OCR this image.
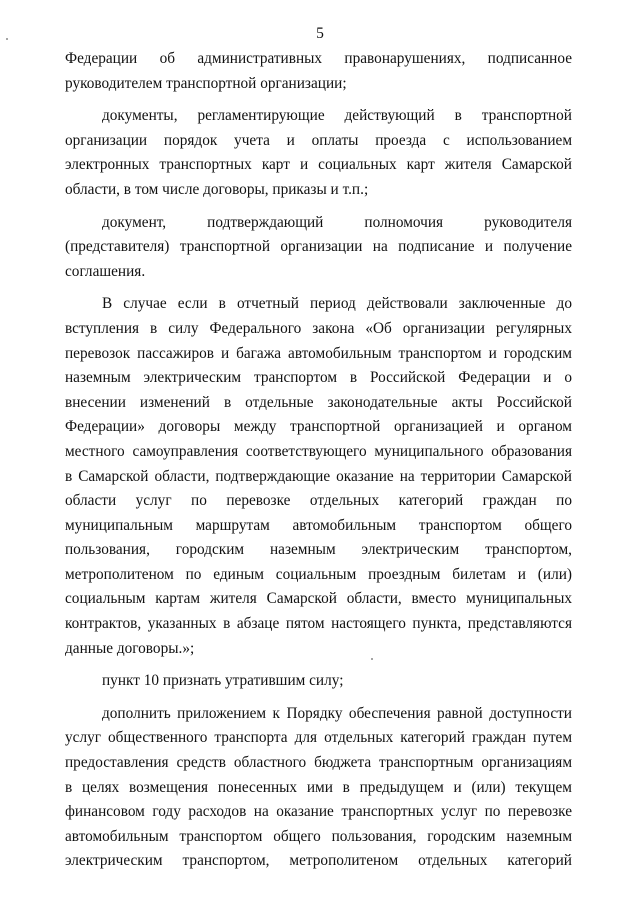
5
Федерации об административных правонарушениях, подписанное
руководителем транспортной организации;
документы, регламентирующие действующий в транспортной
организации порядок учета и оплаты проезда с использованием
электронных транспортных карт и социальных карт жителя Самарской
области, в том числе договоры, приказы и т.п.;
документ, подтверждающий полномочия руководителя
(представителя) транспортной организации на подписание и получение
соглашения.
В случае если в отчетный период действовали заключенные до
вступления в силу Федерального закона «Об организации регулярных
перевозок пассажиров и багажа автомобильным транспортом и городским
наземным электрическим транспортом в Российской Федерации и о
внесении изменений в отдельные законодательные акты Российской
Федерации» договоры между транспортной организацией и органом
местного самоуправления соответствующего муниципального образования
в Самарской области, подтверждающие оказание на территории Самарской
области услуг по перевозке отдельных категорий граждан по
муниципальным маршрутам автомобильным транспортом общего
пользования, городским наземным электрическим транспортом,
метрополитеном по единым социальным проездным билетам и (или)
социальным картам жителя Самарской области, вместо муниципальных
контрактов, указанных в абзаце пятом настоящего пункта, представляются
данные договоры.»;
пункт 10 признать утратившим силу;
дополнить приложением к Порядку обеспечения равной доступности
услуг общественного транспорта для отдельных категорий граждан путем
предоставления средств областного бюджета транспортным организациям
в целях возмещения понесенных ими в предыдущем и (или) текущем
финансовом году расходов на оказание транспортных услуг по перевозке
автомобильным транспортом общего пользования, городским наземным
электрическим транспортом, метрополитеном отдельных категорий
